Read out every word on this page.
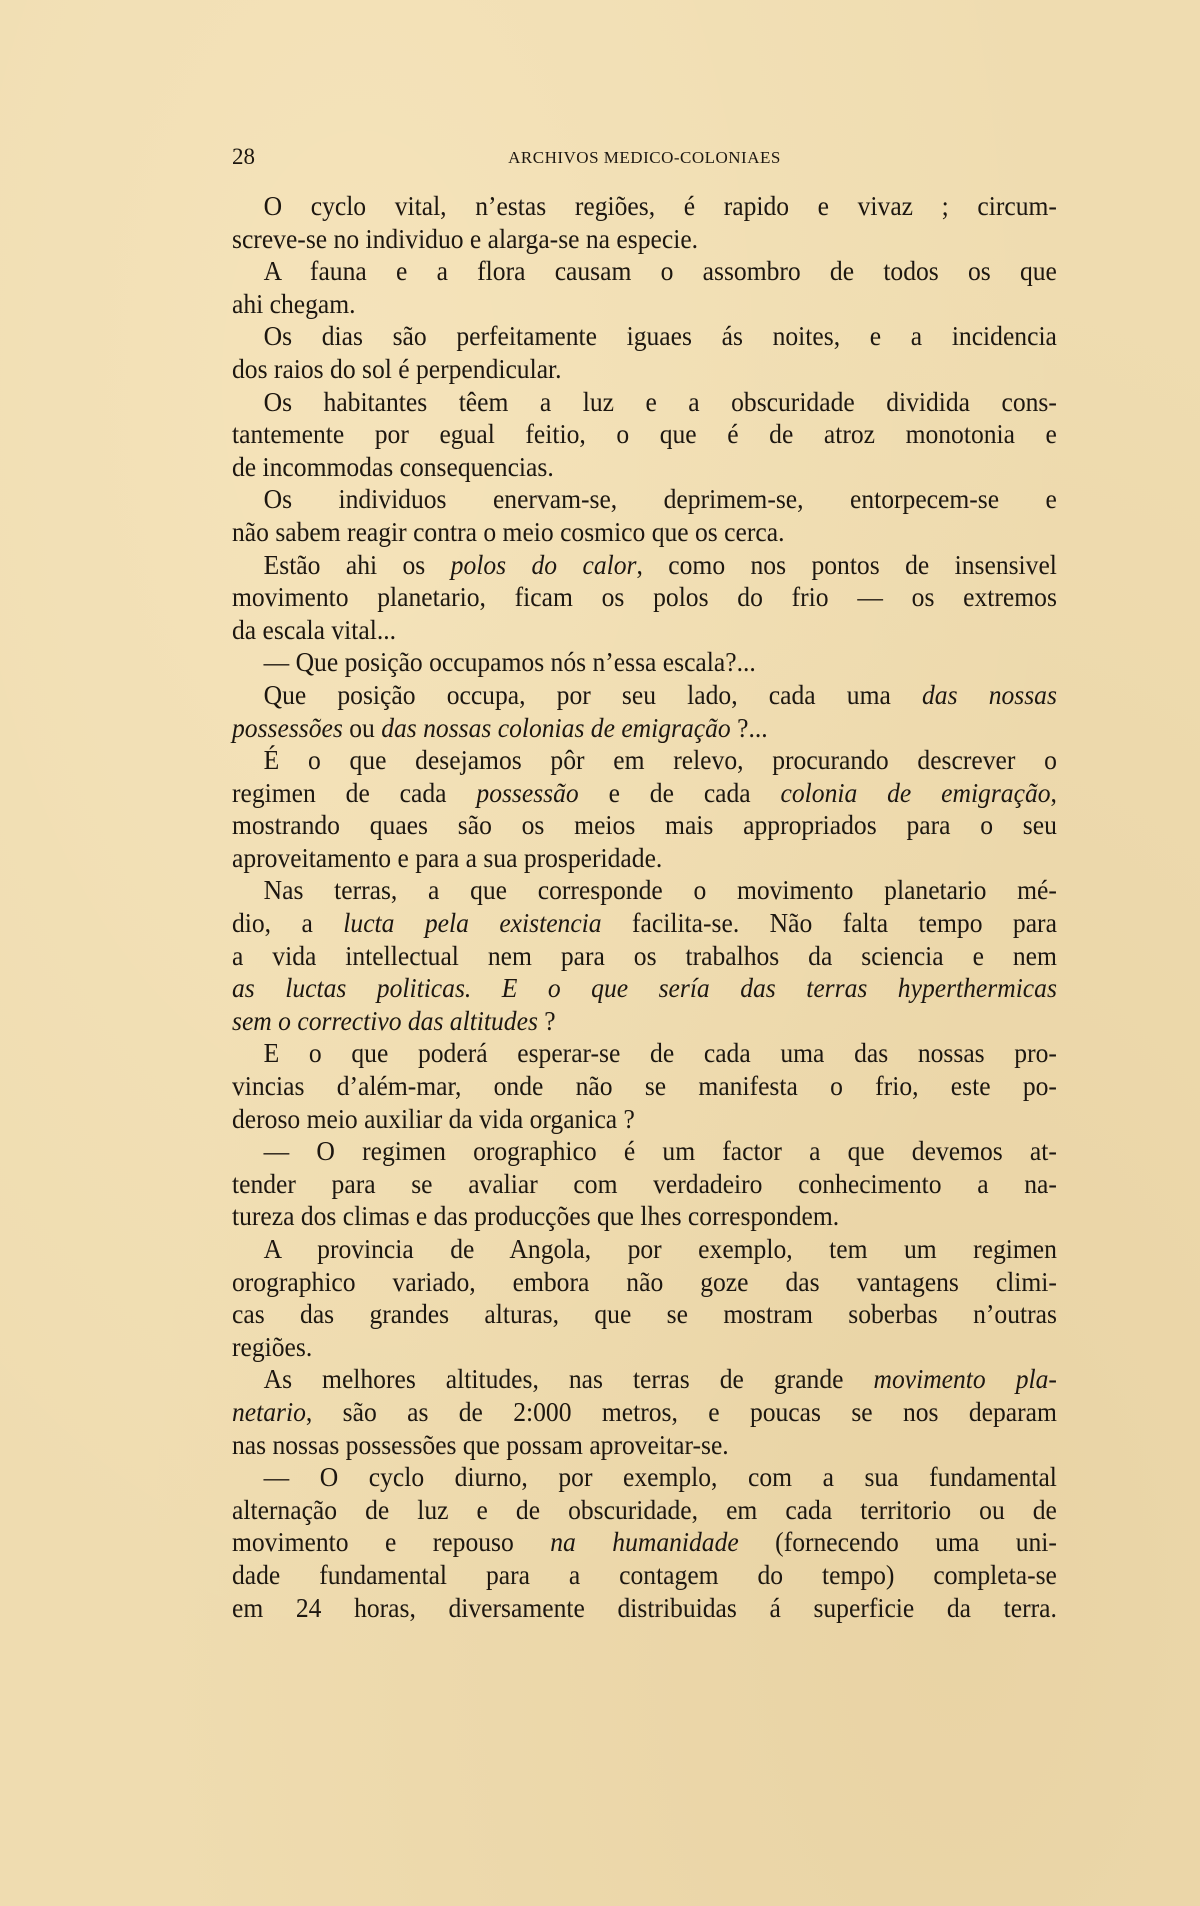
28	ARCHIVOS MEDICO-COLONIAES
O cyclo vital, n’estas regiões, é rapido e vivaz ; circum-
screve-se no individuo e alarga-se na especie.
A fauna e a flora causam o assombro de todos os que
ahi chegam.
Os dias são perfeitamente iguaes ás noites, e a incidencia
dos raios do sol é perpendicular.
Os habitantes têem a luz e a obscuridade dividida cons-
tantemente por egual feitio, o que é de atroz monotonia e
de incommodas consequencias.
Os individuos enervam-se, deprimem-se, entorpecem-se e
não sabem reagir contra o meio cosmico que os cerca.
Estão ahi os polos do calor, como nos pontos de insensivel
movimento planetario, ficam os polos do frio — os extremos
da escala vital...
— Que posição occupamos nós n’essa escala?...
Que posição occupa, por seu lado, cada uma das nossas
possessões ou das nossas colonias de emigração ?...
É o que desejamos pôr em relevo, procurando descrever o
regimen de cada possessão e de cada colonia de emigração,
mostrando quaes são os meios mais appropriados para o seu
aproveitamento e para a sua prosperidade.
Nas terras, a que corresponde o movimento planetario mé-
dio, a lucta pela existencia facilita-se. Não falta tempo para
a vida intellectual nem para os trabalhos da sciencia e nem
as luctas politicas. E o que sería das terras hyperthermicas
sem o correctivo das altitudes ?
E o que poderá esperar-se de cada uma das nossas pro-
vincias d’além-mar, onde não se manifesta o frio, este po-
deroso meio auxiliar da vida organica ?
— O regimen orographico é um factor a que devemos at-
tender para se avaliar com verdadeiro conhecimento a na-
tureza dos climas e das producções que lhes correspondem.
A provincia de Angola, por exemplo, tem um regimen
orographico variado, embora não goze das vantagens climi-
cas das grandes alturas, que se mostram soberbas n’outras
regiões.
As melhores altitudes, nas terras de grande movimento pla-
netario, são as de 2:000 metros, e poucas se nos deparam
nas nossas possessões que possam aproveitar-se.
— O cyclo diurno, por exemplo, com a sua fundamental
alternação de luz e de obscuridade, em cada territorio ou de
movimento e repouso na humanidade (fornecendo uma uni-
dade fundamental para a contagem do tempo) completa-se
em 24 horas, diversamente distribuidas á superficie da terra.
